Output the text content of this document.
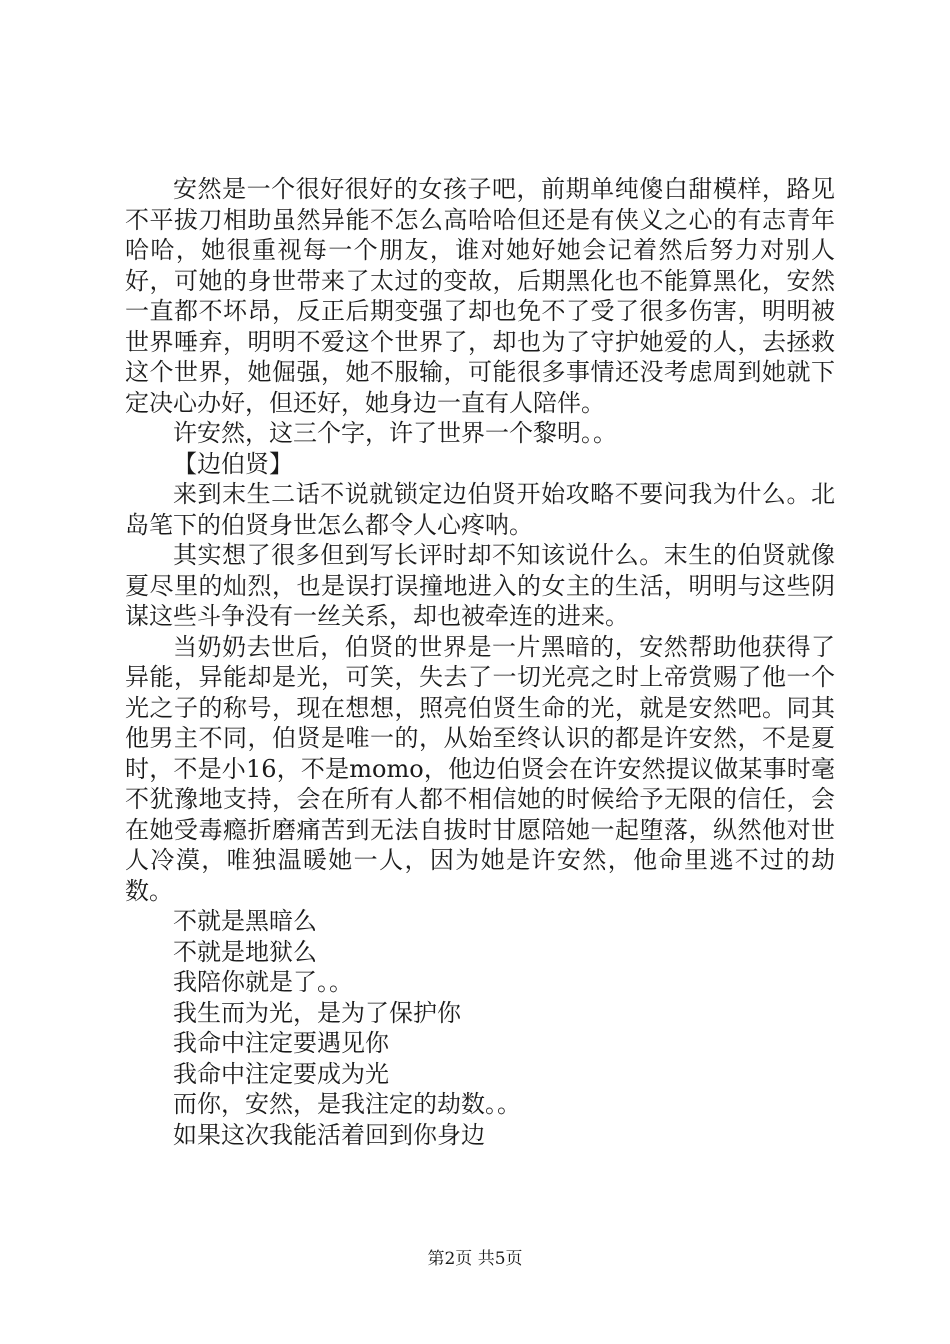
安然是一个很好很好的女孩子吧，前期单纯傻白甜模样，路见不平拔刀相助虽然异能不怎么高哈哈但还是有侠义之心的有志青年哈哈，她很重视每一个朋友，谁对她好她会记着然后努力对别人好，可她的身世带来了太过的变故，后期黑化也不能算黑化，安然一直都不坏昂，反正后期变强了却也免不了受了很多伤害，明明被世界唾弃，明明不爱这个世界了，却也为了守护她爱的人，去拯救这个世界，她倔强，她不服输，可能很多事情还没考虑周到她就下定决心办好，但还好，她身边一直有人陪伴。

许安然，这三个字，许了世界一个黎明。。

【边伯贤】

来到末生二话不说就锁定边伯贤开始攻略不要问我为什么。北岛笔下的伯贤身世怎么都令人心疼呐。

其实想了很多但到写长评时却不知该说什么。末生的伯贤就像夏尽里的灿烈，也是误打误撞地进入的女主的生活，明明与这些阴谋这些斗争没有一丝关系，却也被牵连的进来。

当奶奶去世后，伯贤的世界是一片黑暗的，安然帮助他获得了异能，异能却是光，可笑，失去了一切光亮之时上帝赏赐了他一个光之子的称号，现在想想，照亮伯贤生命的光，就是安然吧。同其他男主不同，伯贤是唯一的，从始至终认识的都是许安然，不是夏时，不是小16，不是momo，他边伯贤会在许安然提议做某事时毫不犹豫地支持，会在所有人都不相信她的时候给予无限的信任，会在她受毒瘾折磨痛苦到无法自拔时甘愿陪她一起堕落，纵然他对世人冷漠，唯独温暖她一人，因为她是许安然，他命里逃不过的劫数。

不就是黑暗么

不就是地狱么

我陪你就是了。。

我生而为光，是为了保护你

我命中注定要遇见你

我命中注定要成为光

而你，安然，是我注定的劫数。。

如果这次我能活着回到你身边

第2页 共5页
